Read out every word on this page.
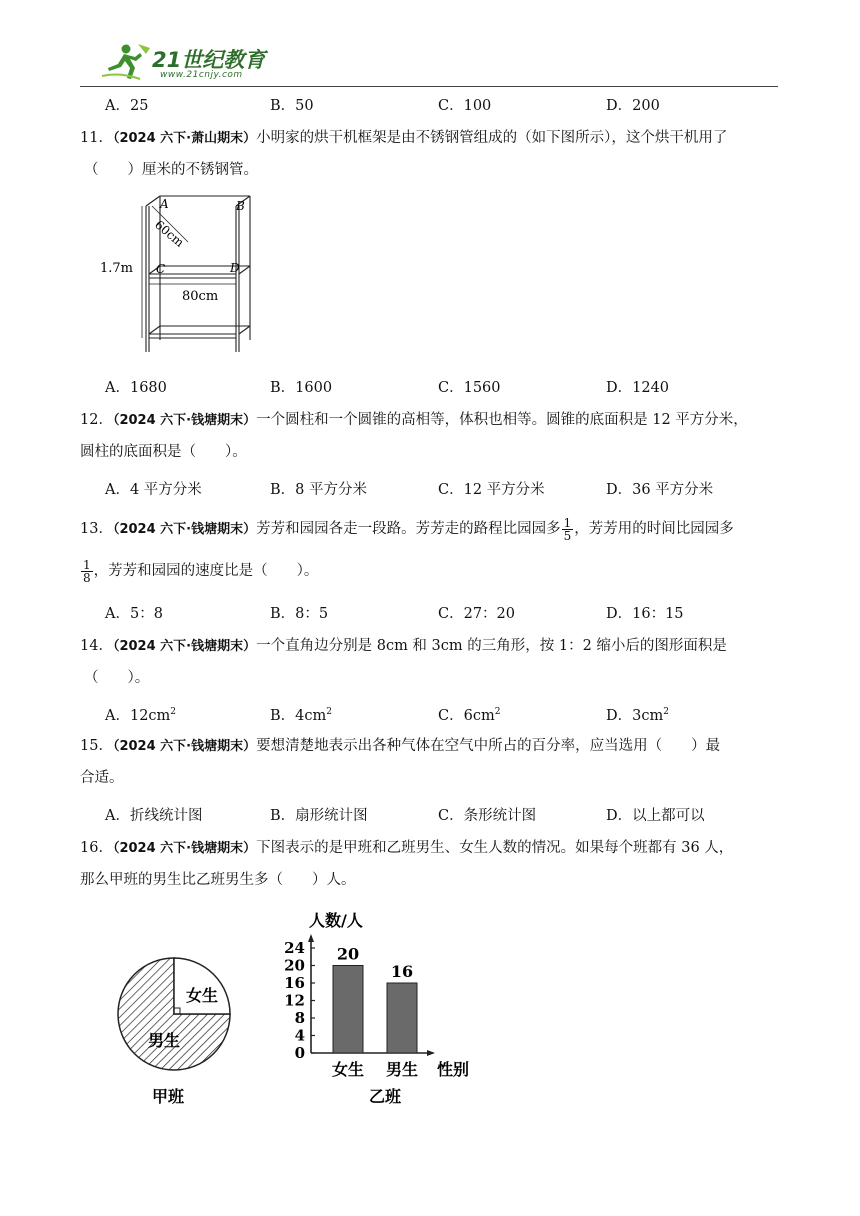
21世纪教育
www.21cnjy.com
A．25	B．50	C．100	D．200
11．（2024 六下·萧山期末）小明家的烘干机框架是由不锈钢管组成的（如下图所示），这个烘干机用了
（　　）厘米的不锈钢管。
A	B
C	D
1.7m
60cm
80cm
A．1680	B．1600	C．1560	D．1240
12．（2024 六下·钱塘期末）一个圆柱和一个圆锥的高相等，体积也相等。圆锥的底面积是 12 平方分米，
圆柱的底面积是（　　）。
A．4 平方分米	B．8 平方分米	C．12 平方分米	D．36 平方分米
13．（2024 六下·钱塘期末）芳芳和园园各走一段路。芳芳走的路程比园园多 $\frac{1}{5}$ ，芳芳用的时间比园园多
$\frac{1}{8}$ ，芳芳和园园的速度比是（　　）。
A．5：8	B．8：5	C．27：20	D．16：15
14．（2024 六下·钱塘期末）一个直角边分别是 8cm 和 3cm 的三角形，按 1：2 缩小后的图形面积是
（　　）。
A．$12cm^2$	B．$4cm^2$	C．$6cm^2$	D．$3cm^2$
15．（2024 六下·钱塘期末）要想清楚地表示出各种气体在空气中所占的百分率，应当选用（　　）最
合适。
A．折线统计图	B．扇形统计图	C．条形统计图	D．以上都可以
16．（2024 六下·钱塘期末）下图表示的是甲班和乙班男生、女生人数的情况。如果每个班都有 36 人，
那么甲班的男生比乙班男生多（　　）人。
女生
男生
甲班
0
4
8
12
16
20
24 20
女生
16
男生
人数/人
性别
乙班
